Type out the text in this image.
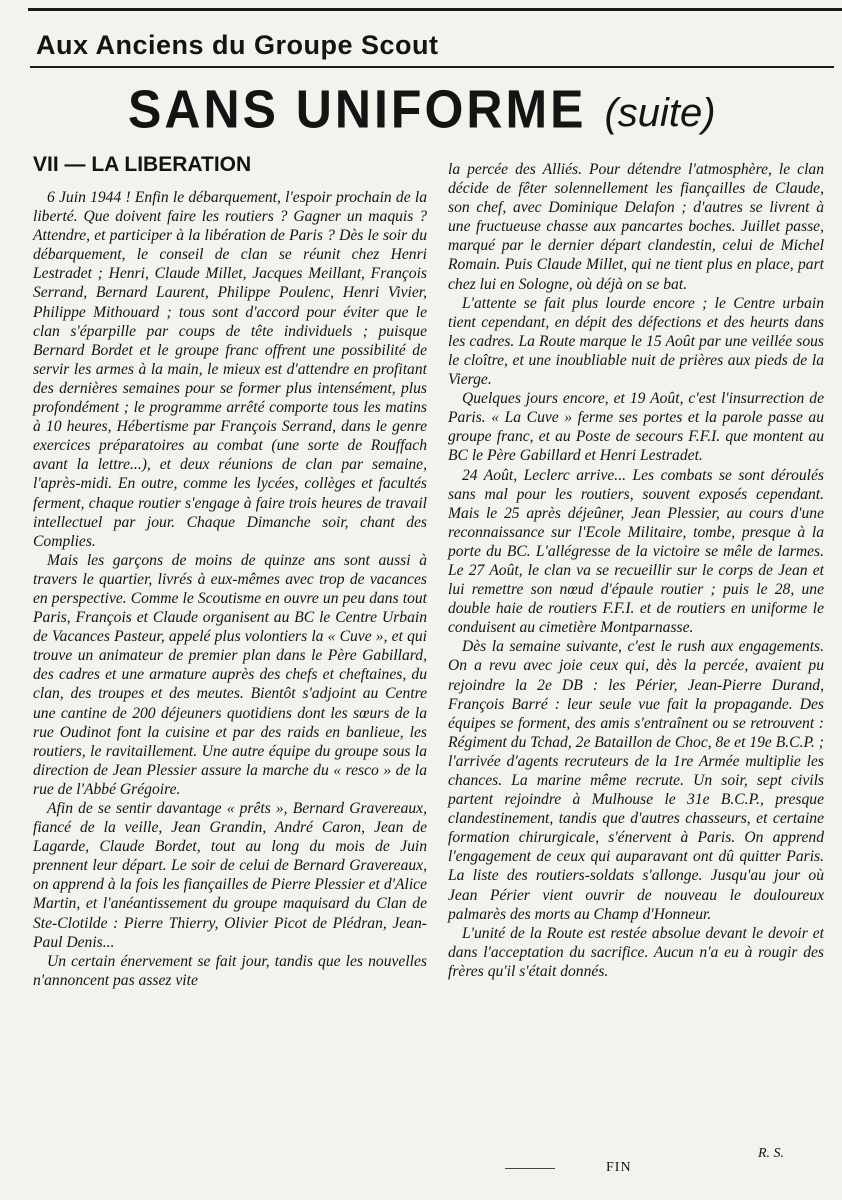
Aux Anciens du Groupe Scout
SANS UNIFORME (suite)
VII — LA LIBERATION

6 Juin 1944 ! Enfin le débarquement, l'espoir prochain de la liberté. Que doivent faire les routiers ? Gagner un maquis ? Attendre, et participer à la libération de Paris ? Dès le soir du débarquement, le conseil de clan se réunit chez Henri Lestradet ; Henri, Claude Millet, Jacques Meillant, François Serrand, Bernard Laurent, Philippe Poulenc, Henri Vivier, Philippe Mithouard ; tous sont d'accord pour éviter que le clan s'éparpille par coups de tête individuels ; puisque Bernard Bordet et le groupe franc offrent une possibilité de servir les armes à la main, le mieux est d'attendre en profitant des dernières semaines pour se former plus intensément, plus profondément ; le programme arrêté comporte tous les matins à 10 heures, Hébertisme par François Serrand, dans le genre exercices préparatoires au combat (une sorte de Rouffach avant la lettre...), et deux réunions de clan par semaine, l'après-midi. En outre, comme les lycées, collèges et facultés ferment, chaque routier s'engage à faire trois heures de travail intellectuel par jour. Chaque Dimanche soir, chant des Complies.

Mais les garçons de moins de quinze ans sont aussi à travers le quartier, livrés à eux-mêmes avec trop de vacances en perspective. Comme le Scoutisme en ouvre un peu dans tout Paris, François et Claude organisent au BC le Centre Urbain de Vacances Pasteur, appelé plus volontiers la « Cuve », et qui trouve un animateur de premier plan dans le Père Gabillard, des cadres et une armature auprès des chefs et cheftaines, du clan, des troupes et des meutes. Bientôt s'adjoint au Centre une cantine de 200 déjeuners quotidiens dont les sœurs de la rue Oudinot font la cuisine et par des raids en banlieue, les routiers, le ravitaillement. Une autre équipe du groupe sous la direction de Jean Plessier assure la marche du « resco » de la rue de l'Abbé Grégoire.

Afin de se sentir davantage « prêts », Bernard Gravereaux, fiancé de la veille, Jean Grandin, André Caron, Jean de Lagarde, Claude Bordet, tout au long du mois de Juin prennent leur départ. Le soir de celui de Bernard Gravereaux, on apprend à la fois les fiançailles de Pierre Plessier et d'Alice Martin, et l'anéantissement du groupe maquisard du Clan de Ste-Clotilde : Pierre Thierry, Olivier Picot de Plédran, Jean-Paul Denis...

Un certain énervement se fait jour, tandis que les nouvelles n'annoncent pas assez vite

la percée des Alliés. Pour détendre l'atmosphère, le clan décide de fêter solennellement les fiançailles de Claude, son chef, avec Dominique Delafon ; d'autres se livrent à une fructueuse chasse aux pancartes boches. Juillet passe, marqué par le dernier départ clandestin, celui de Michel Romain. Puis Claude Millet, qui ne tient plus en place, part chez lui en Sologne, où déjà on se bat.

L'attente se fait plus lourde encore ; le Centre urbain tient cependant, en dépit des défections et des heurts dans les cadres. La Route marque le 15 Août par une veillée sous le cloître, et une inoubliable nuit de prières aux pieds de la Vierge.

Quelques jours encore, et 19 Août, c'est l'insurrection de Paris. « La Cuve » ferme ses portes et la parole passe au groupe franc, et au Poste de secours F.F.I. que montent au BC le Père Gabillard et Henri Lestradet.

24 Août, Leclerc arrive... Les combats se sont déroulés sans mal pour les routiers, souvent exposés cependant. Mais le 25 après déjeûner, Jean Plessier, au cours d'une reconnaissance sur l'Ecole Militaire, tombe, presque à la porte du BC. L'allégresse de la victoire se mêle de larmes. Le 27 Août, le clan va se recueillir sur le corps de Jean et lui remettre son nœud d'épaule routier ; puis le 28, une double haie de routiers F.F.I. et de routiers en uniforme le conduisent au cimetière Montparnasse.

Dès la semaine suivante, c'est le rush aux engagements. On a revu avec joie ceux qui, dès la percée, avaient pu rejoindre la 2e DB : les Périer, Jean-Pierre Durand, François Barré : leur seule vue fait la propagande. Des équipes se forment, des amis s'entraînent ou se retrouvent : Régiment du Tchad, 2e Bataillon de Choc, 8e et 19e B.C.P. ; l'arrivée d'agents recruteurs de la 1re Armée multiplie les chances. La marine même recrute. Un soir, sept civils partent rejoindre à Mulhouse le 31e B.C.P., presque clandestinement, tandis que d'autres chasseurs, et certaine formation chirurgicale, s'énervent à Paris. On apprend l'engagement de ceux qui auparavant ont dû quitter Paris. La liste des routiers-soldats s'allonge. Jusqu'au jour où Jean Périer vient ouvrir de nouveau le douloureux palmarès des morts au Champ d'Honneur.

L'unité de la Route est restée absolue devant le devoir et dans l'acceptation du sacrifice. Aucun n'a eu à rougir des frères qu'il s'était donnés.

R. S.
FIN
